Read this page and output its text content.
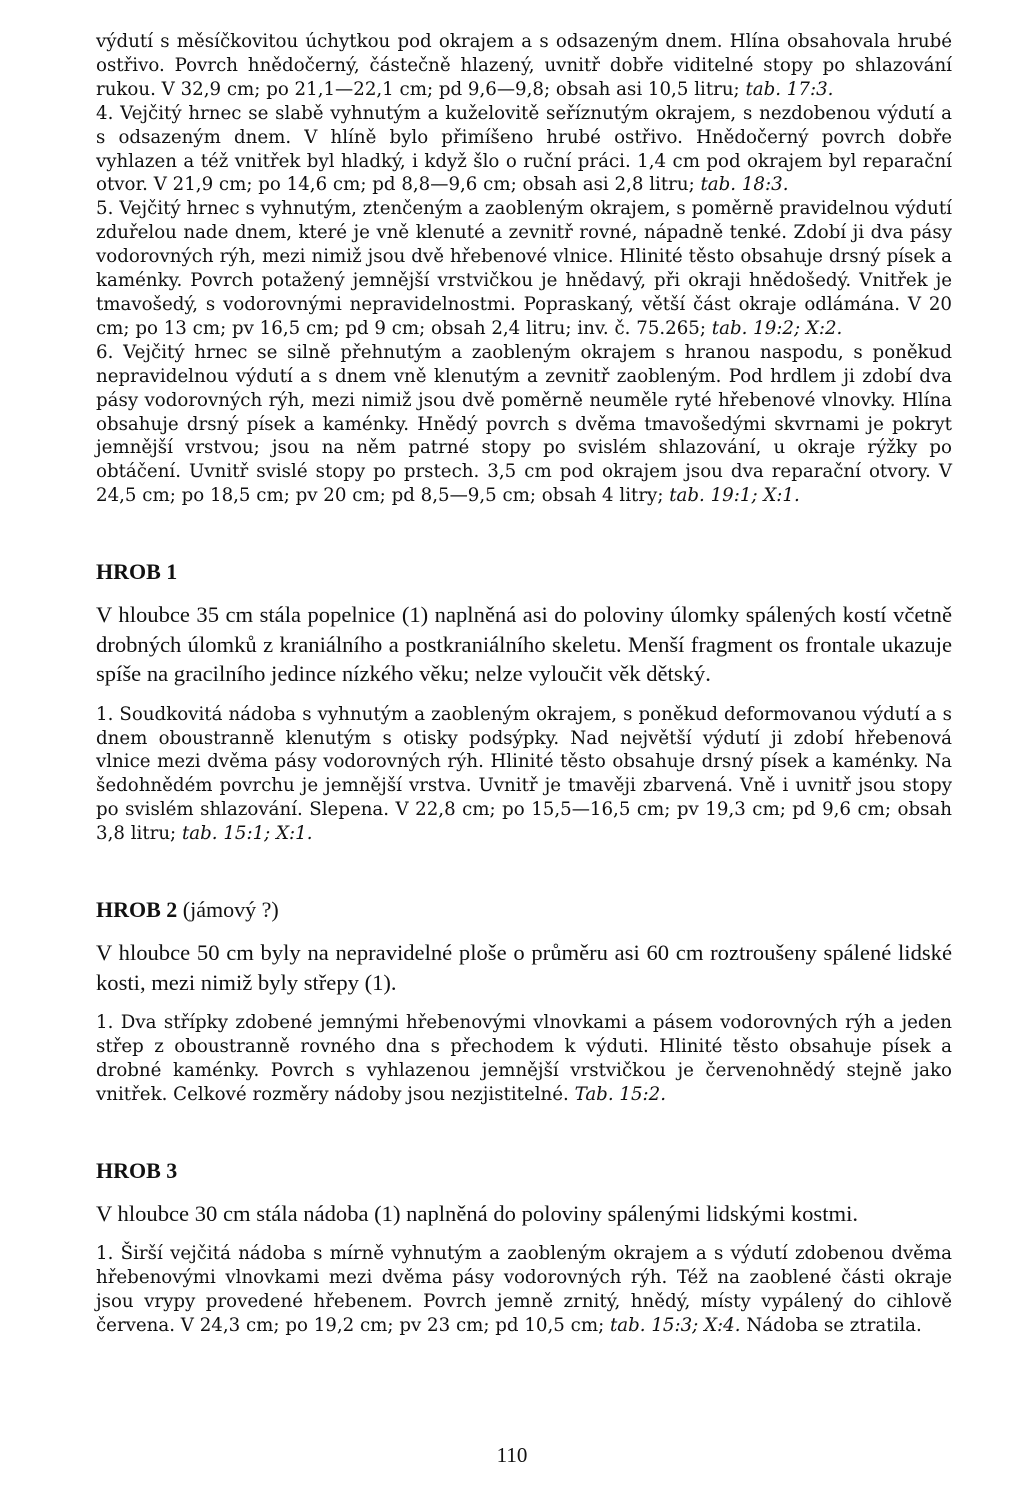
výdutí s měsíčkovitou úchytkou pod okrajem a s odsazeným dnem. Hlína obsahovala hrubé ostřivo. Povrch hnědočerný, částečně hlazený, uvnitř dobře viditelné stopy po shlazování rukou. V 32,9 cm; po 21,1—22,1 cm; pd 9,6—9,8; obsah asi 10,5 litru; tab. 17:3.

4. Vejčitý hrnec se slabě vyhnutým a kuželovitě seříznutým okrajem, s nezdobenou výdutí a s odsazeným dnem. V hlíně bylo přimíšeno hrubé ostřivo. Hnědočerný povrch dobře vyhlazen a též vnitřek byl hladký, i když šlo o ruční práci. 1,4 cm pod okrajem byl reparační otvor. V 21,9 cm; po 14,6 cm; pd 8,8—9,6 cm; obsah asi 2,8 litru; tab. 18:3.

5. Vejčitý hrnec s vyhnutým, ztenčeným a zaobleným okrajem, s poměrně pravidelnou výdutí zduřelou nade dnem, které je vně klenuté a zevnitř rovné, nápadně tenké. Zdobí ji dva pásy vodorovných rýh, mezi nimiž jsou dvě hřebenové vlnice. Hlinité těsto obsahuje drsný písek a kaménky. Povrch potažený jemnější vrstvičkou je hnědavý, při okraji hnědošedý. Vnitřek je tmavošedý, s vodorovnými nepravidelnostmi. Popraskaný, větší část okraje odlámána. V 20 cm; po 13 cm; pv 16,5 cm; pd 9 cm; obsah 2,4 litru; inv. č. 75.265; tab. 19:2; X:2.

6. Vejčitý hrnec se silně přehnutým a zaobleným okrajem s hranou naspodu, s poněkud nepravidelnou výdutí a s dnem vně klenutým a zevnitř zaobleným. Pod hrdlem ji zdobí dva pásy vodorovných rýh, mezi nimiž jsou dvě poměrně neuměle ryté hřebenové vlnovky. Hlína obsahuje drsný písek a kaménky. Hnědý povrch s dvěma tmavošedými skvrnami je pokryt jemnější vrstvou; jsou na něm patrné stopy po svislém shlazování, u okraje rýžky po obtáčení. Uvnitř svislé stopy po prstech. 3,5 cm pod okrajem jsou dva reparační otvory. V 24,5 cm; po 18,5 cm; pv 20 cm; pd 8,5—9,5 cm; obsah 4 litry; tab. 19:1; X:1.

HROB 1

V hloubce 35 cm stála popelnice (1) naplněná asi do poloviny úlomky spálených kostí včetně drobných úlomků z kraniálního a postkraniálního skeletu. Menší fragment os frontale ukazuje spíše na gracilního jedince nízkého věku; nelze vyloučit věk dětský.

1. Soudkovitá nádoba s vyhnutým a zaobleným okrajem, s poněkud deformovanou výdutí a s dnem oboustranně klenutým s otisky podsýpky. Nad největší výdutí ji zdobí hřebenová vlnice mezi dvěma pásy vodorovných rýh. Hlinité těsto obsahuje drsný písek a kaménky. Na šedohnědém povrchu je jemnější vrstva. Uvnitř je tmavěji zbarvená. Vně i uvnitř jsou stopy po svislém shlazování. Slepena. V 22,8 cm; po 15,5—16,5 cm; pv 19,3 cm; pd 9,6 cm; obsah 3,8 litru; tab. 15:1; X:1.

HROB 2 (jámový ?)

V hloubce 50 cm byly na nepravidelné ploše o průměru asi 60 cm roztroušeny spálené lidské kosti, mezi nimiž byly střepy (1).

1. Dva střípky zdobené jemnými hřebenovými vlnovkami a pásem vodorovných rýh a jeden střep z oboustranně rovného dna s přechodem k výduti. Hlinité těsto obsahuje písek a drobné kaménky. Povrch s vyhlazenou jemnější vrstvičkou je červenohnědý stejně jako vnitřek. Celkové rozměry nádoby jsou nezjistitelné. Tab. 15:2.

HROB 3

V hloubce 30 cm stála nádoba (1) naplněná do poloviny spálenými lidskými kostmi.

1. Širší vejčitá nádoba s mírně vyhnutým a zaobleným okrajem a s výdutí zdobenou dvěma hřebenovými vlnovkami mezi dvěma pásy vodorovných rýh. Též na zaoblené části okraje jsou vrypy provedené hřebenem. Povrch jemně zrnitý, hnědý, místy vypálený do cihlově červena. V 24,3 cm; po 19,2 cm; pv 23 cm; pd 10,5 cm; tab. 15:3; X:4. Nádoba se ztratila.

110
